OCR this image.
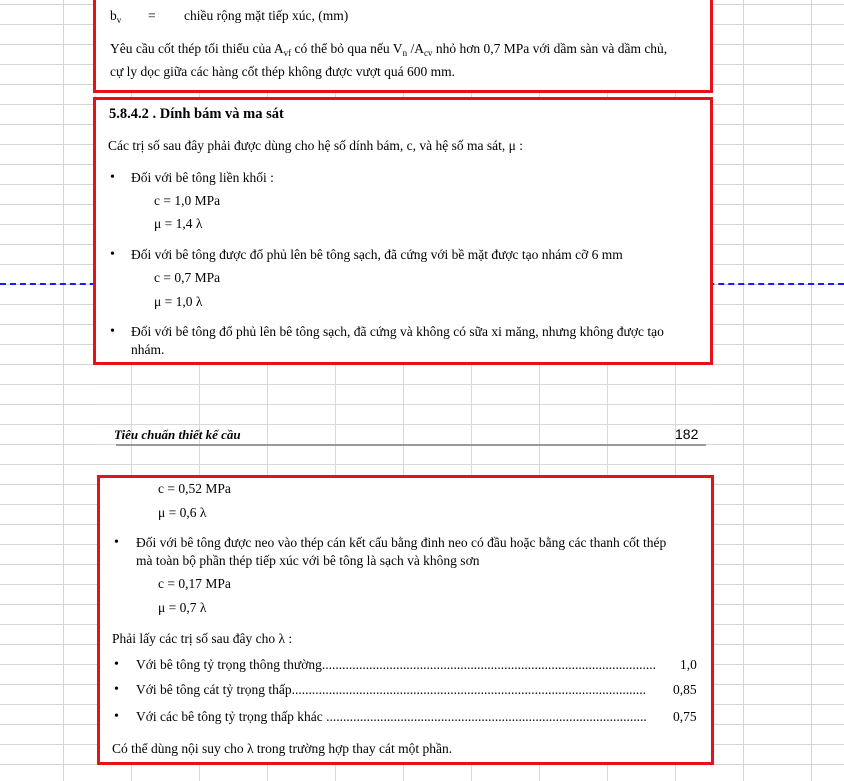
$b_v$ = chiều rộng mặt tiếp xúc, (mm)
Yêu cầu cốt thép tối thiểu của $A_{vf}$ có thể bỏ qua nếu $V_n$ $/A_{cv}$ nhỏ hơn 0,7 MPa với dầm sàn và dầm chủ,
cự ly dọc giữa các hàng cốt thép không được vượt quá 600 mm.
5.8.4.2 . Dính bám và ma sát
Các trị số sau đây phải được dùng cho hệ số dính bám, c, và hệ số ma sát, μ :
• Đối với bê tông liền khối :
c = 1,0 MPa
μ = 1,4 λ
• Đối với bê tông được đổ phủ lên bê tông sạch, đã cứng với bề mặt được tạo nhám cỡ 6 mm
c = 0,7 MPa
μ = 1,0 λ
• Đối với bê tông đổ phủ lên bê tông sạch, đã cứng và không có sữa xi măng, nhưng không được tạo
nhám.
Tiêu chuẩn thiết kế cầu	182
c = 0,52 MPa
μ = 0,6 λ
• Đối với bê tông được neo vào thép cán kết cấu bằng đinh neo có đầu hoặc bằng các thanh cốt thép
mà toàn bộ phần thép tiếp xúc với bê tông là sạch và không sơn
c = 0,17 MPa
μ = 0,7 λ
Phải lấy các trị số sau đây cho λ :
• Với bê tông tỷ trọng thông thường...................................................................................................	1,0
• Với bê tông cát tỷ trọng thấp.........................................................................................................	0,85
• Với các bê tông tỷ trọng thấp khác ...............................................................................................	0,75
Có thể dùng nội suy cho λ trong trường hợp thay cát một phần.
